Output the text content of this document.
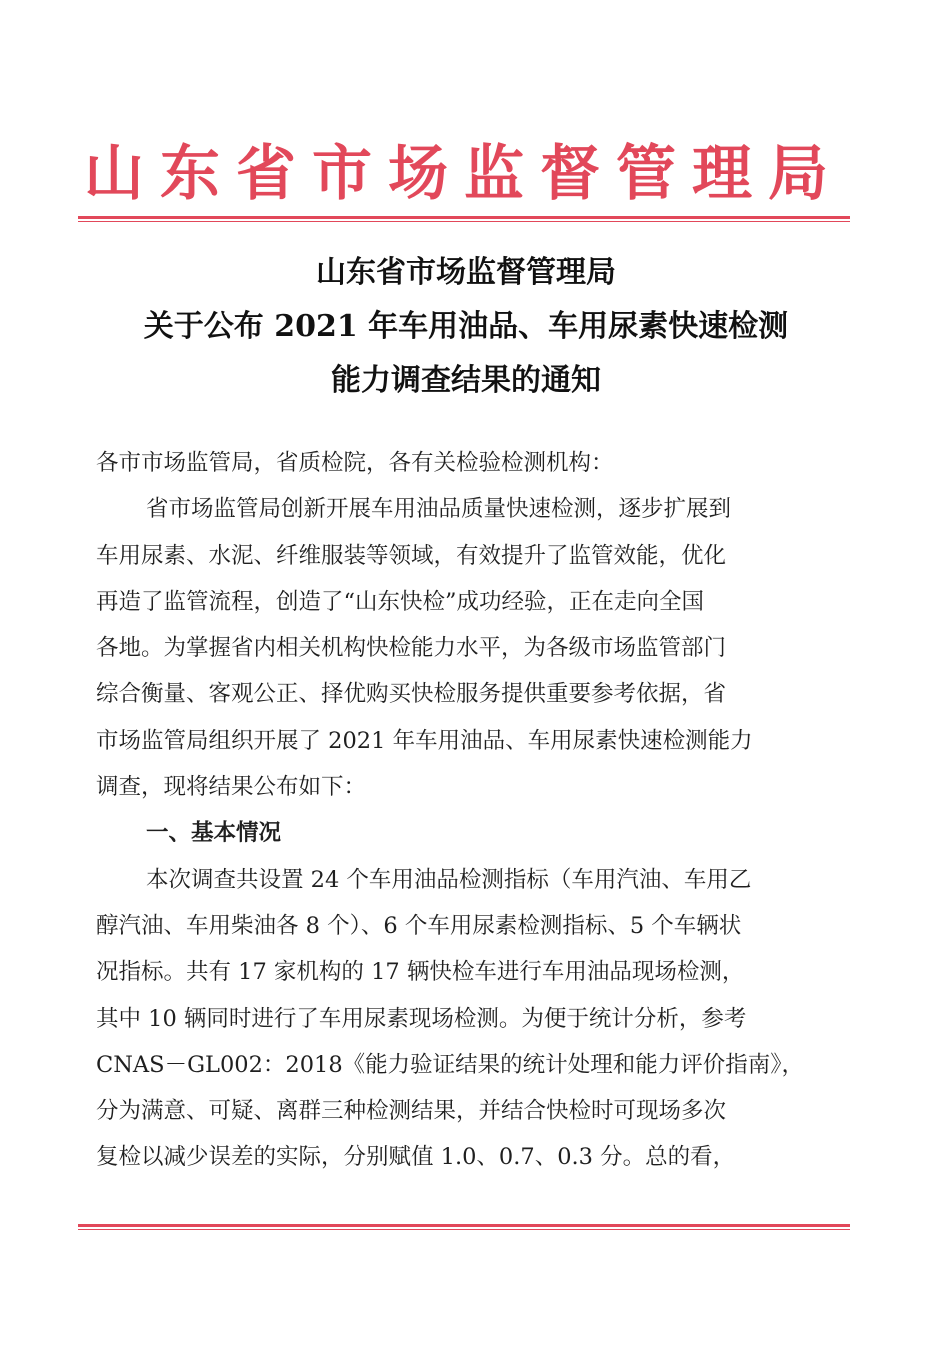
山东省市场监督管理局
山东省市场监督管理局
关于公布 2021 年车用油品、车用尿素快速检测
能力调查结果的通知
各市市场监管局，省质检院，各有关检验检测机构：
省市场监管局创新开展车用油品质量快速检测，逐步扩展到
车用尿素、水泥、纤维服装等领域，有效提升了监管效能，优化
再造了监管流程，创造了“山东快检”成功经验，正在走向全国
各地。为掌握省内相关机构快检能力水平，为各级市场监管部门
综合衡量、客观公正、择优购买快检服务提供重要参考依据，省
市场监管局组织开展了 2021 年车用油品、车用尿素快速检测能力
调查，现将结果公布如下：
一、基本情况
本次调查共设置 24 个车用油品检测指标（车用汽油、车用乙
醇汽油、车用柴油各 8 个）、6 个车用尿素检测指标、5 个车辆状
况指标。共有 17 家机构的 17 辆快检车进行车用油品现场检测，
其中 10 辆同时进行了车用尿素现场检测。为便于统计分析，参考
CNAS－GL002：2018《能力验证结果的统计处理和能力评价指南》，
分为满意、可疑、离群三种检测结果，并结合快检时可现场多次
复检以减少误差的实际，分别赋值 1.0、0.7、0.3 分。总的看，
